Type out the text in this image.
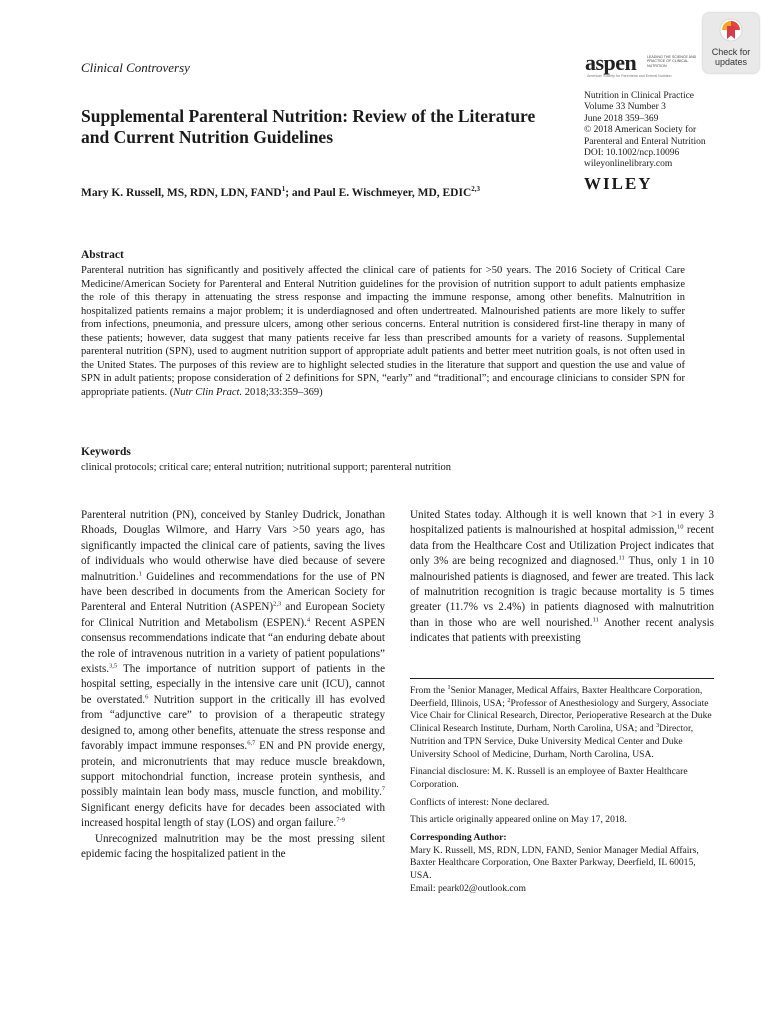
Clinical Controversy	aspen	LEADING THE SCIENCE AND PRACTICE OF CLINICAL NUTRITION
American Society for Parenteral and Enteral Nutrition
Check for
updates
Supplemental Parenteral Nutrition: Review of the Literature and Current Nutrition Guidelines
Nutrition in Clinical Practice
Volume 33 Number 3
June 2018 359–369
© 2018 American Society for
Parenteral and Enteral Nutrition
DOI: 10.1002/ncp.10096
wileyonlinelibrary.com
WILEY
Mary K. Russell, MS, RDN, LDN, FAND$^1$; and Paul E. Wischmeyer, MD, EDIC$^{2,3}$
Abstract
Parenteral nutrition has significantly and positively affected the clinical care of patients for >50 years. The 2016 Society of Critical Care Medicine/American Society for Parenteral and Enteral Nutrition guidelines for the provision of nutrition support to adult patients emphasize the role of this therapy in attenuating the stress response and impacting the immune response, among other benefits. Malnutrition in hospitalized patients remains a major problem; it is underdiagnosed and often undertreated. Malnourished patients are more likely to suffer from infections, pneumonia, and pressure ulcers, among other serious concerns. Enteral nutrition is considered first-line therapy in many of these patients; however, data suggest that many patients receive far less than prescribed amounts for a variety of reasons. Supplemental parenteral nutrition (SPN), used to augment nutrition support of appropriate adult patients and better meet nutrition goals, is not often used in the United States. The purposes of this review are to highlight selected studies in the literature that support and question the use and value of SPN in adult patients; propose consideration of 2 definitions for SPN, “early” and “traditional”; and encourage clinicians to consider SPN for appropriate patients. (Nutr Clin Pract. 2018;33:359–369)
Keywords
clinical protocols; critical care; enteral nutrition; nutritional support; parenteral nutrition

Parenteral nutrition (PN), conceived by Stanley Dudrick, Jonathan Rhoads, Douglas Wilmore, and Harry Vars >50 years ago, has significantly impacted the clinical care of patients, saving the lives of individuals who would otherwise have died because of severe malnutrition.$^1$ Guidelines and recommendations for the use of PN have been described in documents from the American Society for Parenteral and Enteral Nutrition (ASPEN)$^{2,3}$ and European Society for Clinical Nutrition and Metabolism (ESPEN).$^4$ Recent ASPEN consensus recommendations indicate that “an enduring debate about the role of intravenous nutrition in a variety of patient populations” exists.$^{3,5}$ The importance of nutrition support of patients in the hospital setting, especially in the intensive care unit (ICU), cannot be overstated.$^6$ Nutrition support in the critically ill has evolved from “adjunctive care” to provision of a therapeutic strategy designed to, among other benefits, attenuate the stress response and favorably impact immune responses.$^{6,7}$ EN and PN provide energy, protein, and micronutrients that may reduce muscle breakdown, support mitochondrial function, increase protein synthesis, and possibly maintain lean body mass, muscle function, and mobility.$^7$ Significant energy deficits have for decades been associated with increased hospital length of stay (LOS) and organ failure.$^{7-9}$

Unrecognized malnutrition may be the most pressing silent epidemic facing the hospitalized patient in the

United States today. Although it is well known that >1 in every 3 hospitalized patients is malnourished at hospital admission,$^{10}$ recent data from the Healthcare Cost and Utilization Project indicates that only 3% are being recognized and diagnosed.$^{11}$ Thus, only 1 in 10 malnourished patients is diagnosed, and fewer are treated. This lack of malnutrition recognition is tragic because mortality is 5 times greater (11.7% vs 2.4%) in patients diagnosed with malnutrition than in those who are well nourished.$^{11}$ Another recent analysis indicates that patients with preexisting

From the $^1$Senior Manager, Medical Affairs, Baxter Healthcare Corporation, Deerfield, Illinois, USA; $^2$Professor of Anesthesiology and Surgery, Associate Vice Chair for Clinical Research, Director, Perioperative Research at the Duke Clinical Research Institute, Durham, North Carolina, USA; and $^3$Director, Nutrition and TPN Service, Duke University Medical Center and Duke University School of Medicine, Durham, North Carolina, USA.

Financial disclosure: M. K. Russell is an employee of Baxter Healthcare Corporation.

Conflicts of interest: None declared.

This article originally appeared online on May 17, 2018.

Corresponding Author:

Mary K. Russell, MS, RDN, LDN, FAND, Senior Manager Medial Affairs, Baxter Healthcare Corporation, One Baxter Parkway, Deerfield, IL 60015, USA.

Email: peark02@outlook.com
